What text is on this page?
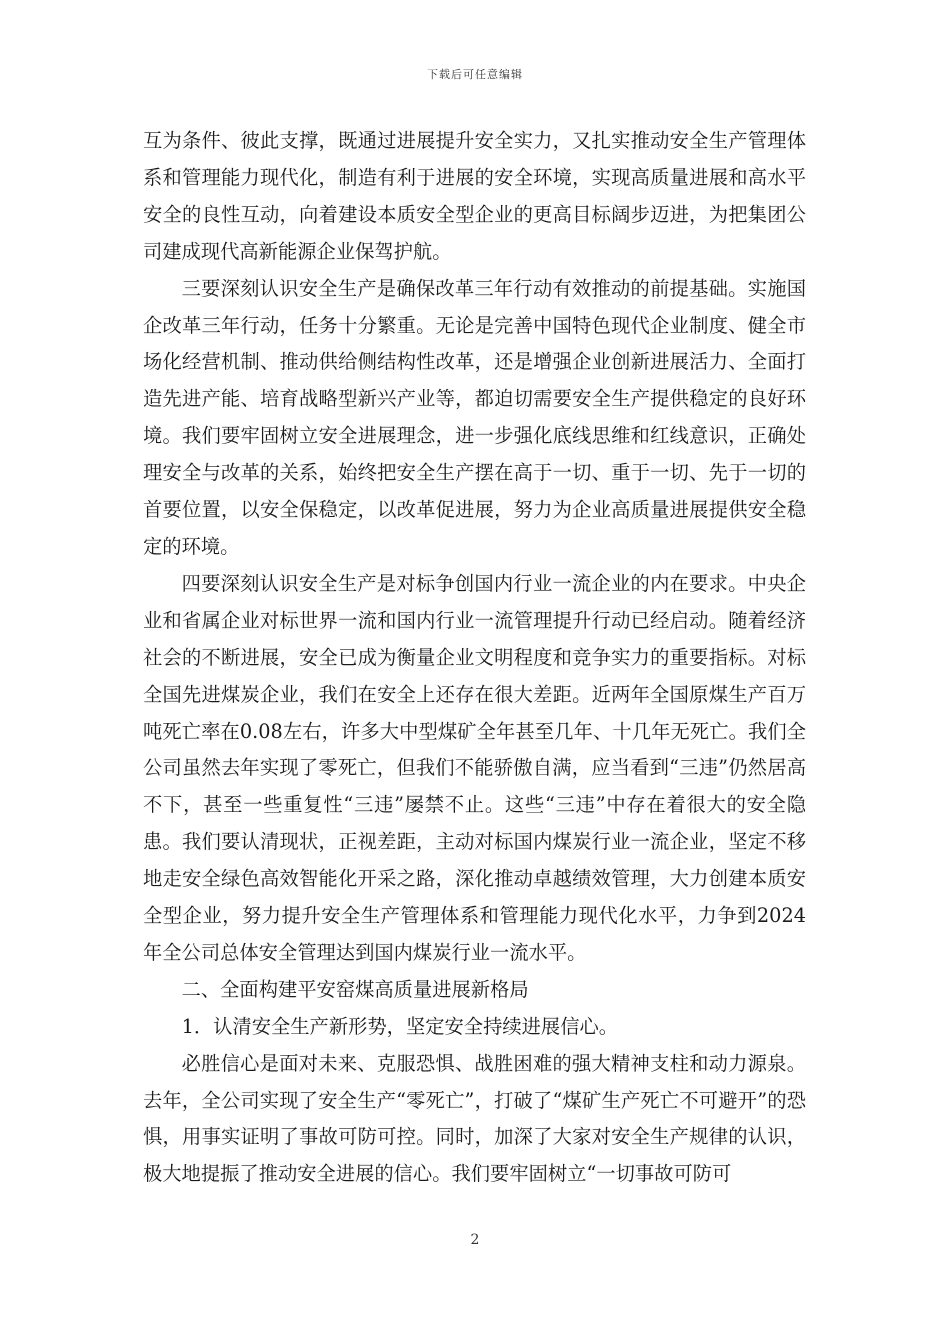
下载后可任意编辑

互为条件、彼此支撑，既通过进展提升安全实力，又扎实推动安全生产管理体系和管理能力现代化，制造有利于进展的安全环境，实现高质量进展和高水平安全的良性互动，向着建设本质安全型企业的更高目标阔步迈进，为把集团公司建成现代高新能源企业保驾护航。

三要深刻认识安全生产是确保改革三年行动有效推动的前提基础。实施国企改革三年行动，任务十分繁重。无论是完善中国特色现代企业制度、健全市场化经营机制、推动供给侧结构性改革，还是增强企业创新进展活力、全面打造先进产能、培育战略型新兴产业等，都迫切需要安全生产提供稳定的良好环境。我们要牢固树立安全进展理念，进一步强化底线思维和红线意识，正确处理安全与改革的关系，始终把安全生产摆在高于一切、重于一切、先于一切的首要位置，以安全保稳定，以改革促进展，努力为企业高质量进展提供安全稳定的环境。

四要深刻认识安全生产是对标争创国内行业一流企业的内在要求。中央企业和省属企业对标世界一流和国内行业一流管理提升行动已经启动。随着经济社会的不断进展，安全已成为衡量企业文明程度和竞争实力的重要指标。对标全国先进煤炭企业，我们在安全上还存在很大差距。近两年全国原煤生产百万吨死亡率在0.08左右，许多大中型煤矿全年甚至几年、十几年无死亡。我们全公司虽然去年实现了零死亡，但我们不能骄傲自满，应当看到“三违”仍然居高不下，甚至一些重复性“三违”屡禁不止。这些“三违”中存在着很大的安全隐患。我们要认清现状，正视差距，主动对标国内煤炭行业一流企业，坚定不移地走安全绿色高效智能化开采之路，深化推动卓越绩效管理，大力创建本质安全型企业，努力提升安全生产管理体系和管理能力现代化水平，力争到2024年全公司总体安全管理达到国内煤炭行业一流水平。

二、全面构建平安窑煤高质量进展新格局

1．认清安全生产新形势，坚定安全持续进展信心。

必胜信心是面对未来、克服恐惧、战胜困难的强大精神支柱和动力源泉。去年，全公司实现了安全生产“零死亡”，打破了“煤矿生产死亡不可避开”的恐惧，用事实证明了事故可防可控。同时，加深了大家对安全生产规律的认识，极大地提振了推动安全进展的信心。我们要牢固树立“一切事故可防可

2
